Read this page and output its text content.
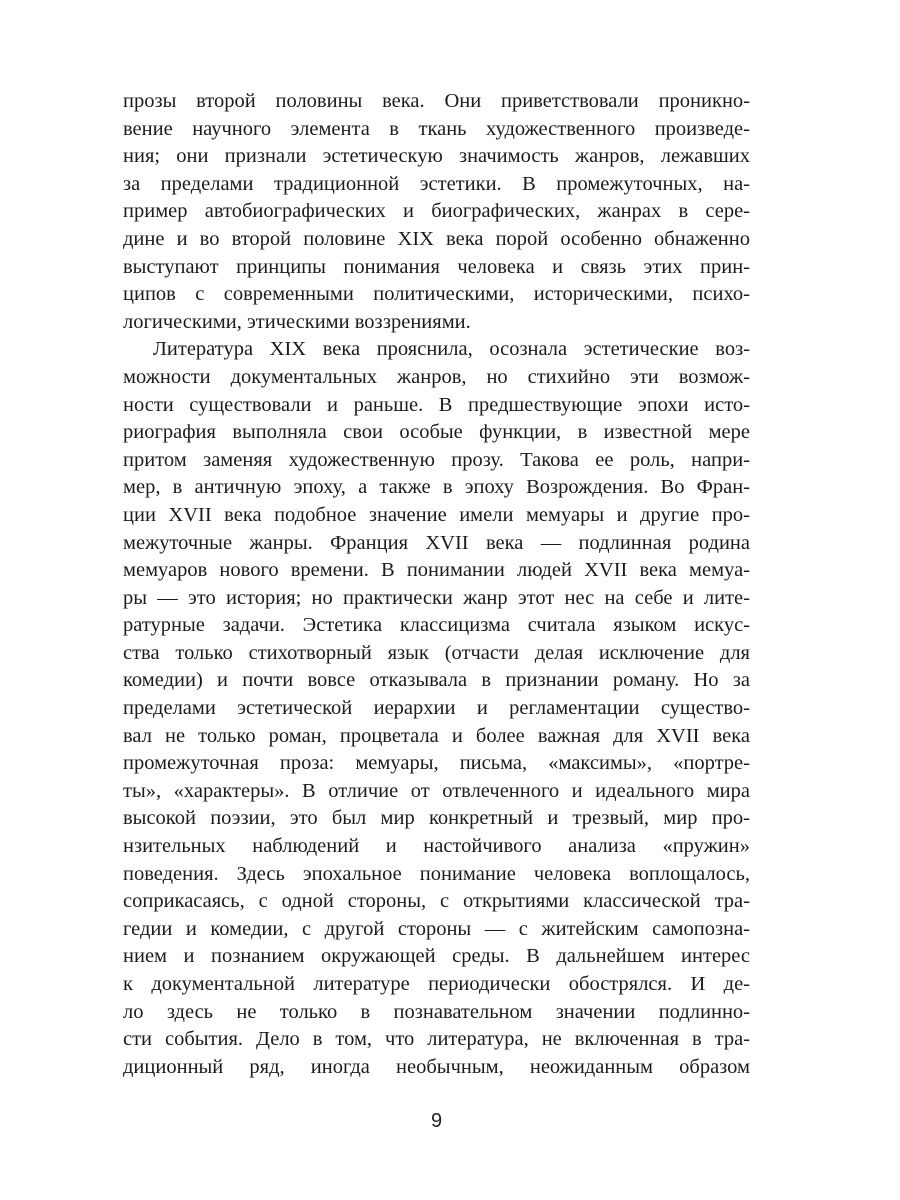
прозы второй половины века. Они приветствовали проникно-
вение научного элемента в ткань художественного произведе-
ния; они признали эстетическую значимость жанров, лежавших
за пределами традиционной эстетики. В промежуточных, на-
пример автобиографических и биографических, жанрах в сере-
дине и во второй половине XIX века порой особенно обнаженно
выступают принципы понимания человека и связь этих прин-
ципов с современными политическими, историческими, психо-
логическими, этическими воззрениями.
Литература XIX века прояснила, осознала эстетические воз-
можности документальных жанров, но стихийно эти возмож-
ности существовали и раньше. В предшествующие эпохи исто-
риография выполняла свои особые функции, в известной мере
притом заменяя художественную прозу. Такова ее роль, напри-
мер, в античную эпоху, а также в эпоху Возрождения. Во Фран-
ции XVII века подобное значение имели мемуары и другие про-
межуточные жанры. Франция XVII века — подлинная родина
мемуаров нового времени. В понимании людей XVII века мемуа-
ры — это история; но практически жанр этот нес на себе и лите-
ратурные задачи. Эстетика классицизма считала языком искус-
ства только стихотворный язык (отчасти делая исключение для
комедии) и почти вовсе отказывала в признании роману. Но за
пределами эстетической иерархии и регламентации существо-
вал не только роман, процветала и более важная для XVII века
промежуточная проза: мемуары, письма, «максимы», «портре-
ты», «характеры». В отличие от отвлеченного и идеального мира
высокой поэзии, это был мир конкретный и трезвый, мир про-
нзительных наблюдений и настойчивого анализа «пружин»
поведения. Здесь эпохальное понимание человека воплощалось,
соприкасаясь, с одной стороны, с открытиями классической тра-
гедии и комедии, с другой стороны — с житейским самопозна-
нием и познанием окружающей среды. В дальнейшем интерес
к документальной литературе периодически обострялся. И де-
ло здесь не только в познавательном значении подлинно-
сти события. Дело в том, что литература, не включенная в тра-
диционный ряд, иногда необычным, неожиданным образом
9
